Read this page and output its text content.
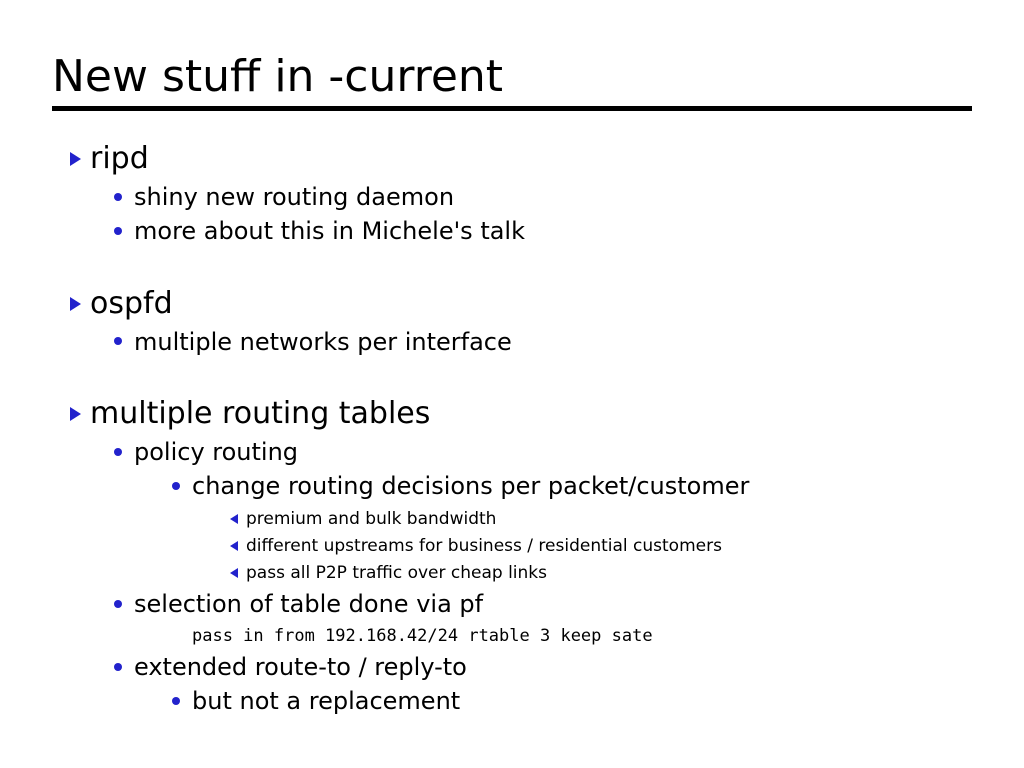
New stuff in -current
ripd
shiny new routing daemon
more about this in Michele's talk
ospfd
multiple networks per interface
multiple routing tables
policy routing
change routing decisions per packet/customer
premium and bulk bandwidth
different upstreams for business / residential customers
pass all P2P traffic over cheap links
selection of table done via pf
pass in from 192.168.42/24 rtable 3 keep sate
extended route-to / reply-to
but not a replacement
